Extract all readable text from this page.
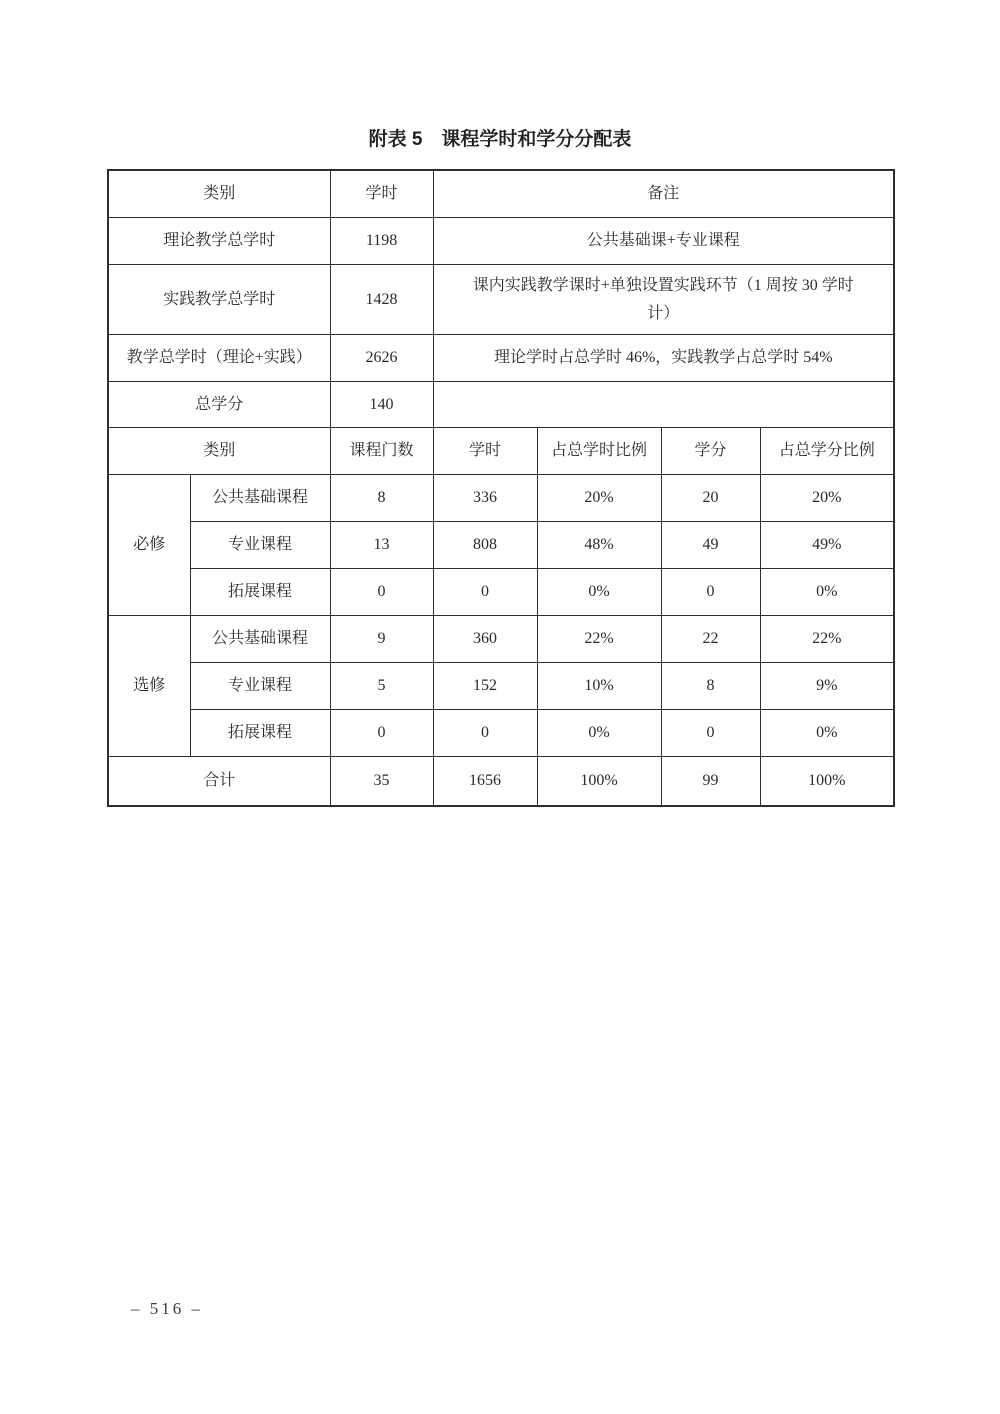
附表 5　课程学时和学分分配表
类别		学时	备注			
理论教学总学时		1198	公共基础课+专业课程			
实践教学总学时		1428	课内实践教学课时+单独设置实践环节（1 周按 30 学时计）			
教学总学时（理论+实践）		2626	理论学时占总学时 46%，实践教学占总学时 54%			
总学分		140				
类别		课程门数	学时	占总学时比例	学分	占总学分比例
必修	公共基础课程	8	336	20%	20	20%
	专业课程	13	808	48%	49	49%
	拓展课程	0	0	0%	0	0%
选修	公共基础课程	9	360	22%	22	22%
	专业课程	5	152	10%	8	9%
	拓展课程	0	0	0%	0	0%
合计		35	1656	100%	99	100%
– 516 –
